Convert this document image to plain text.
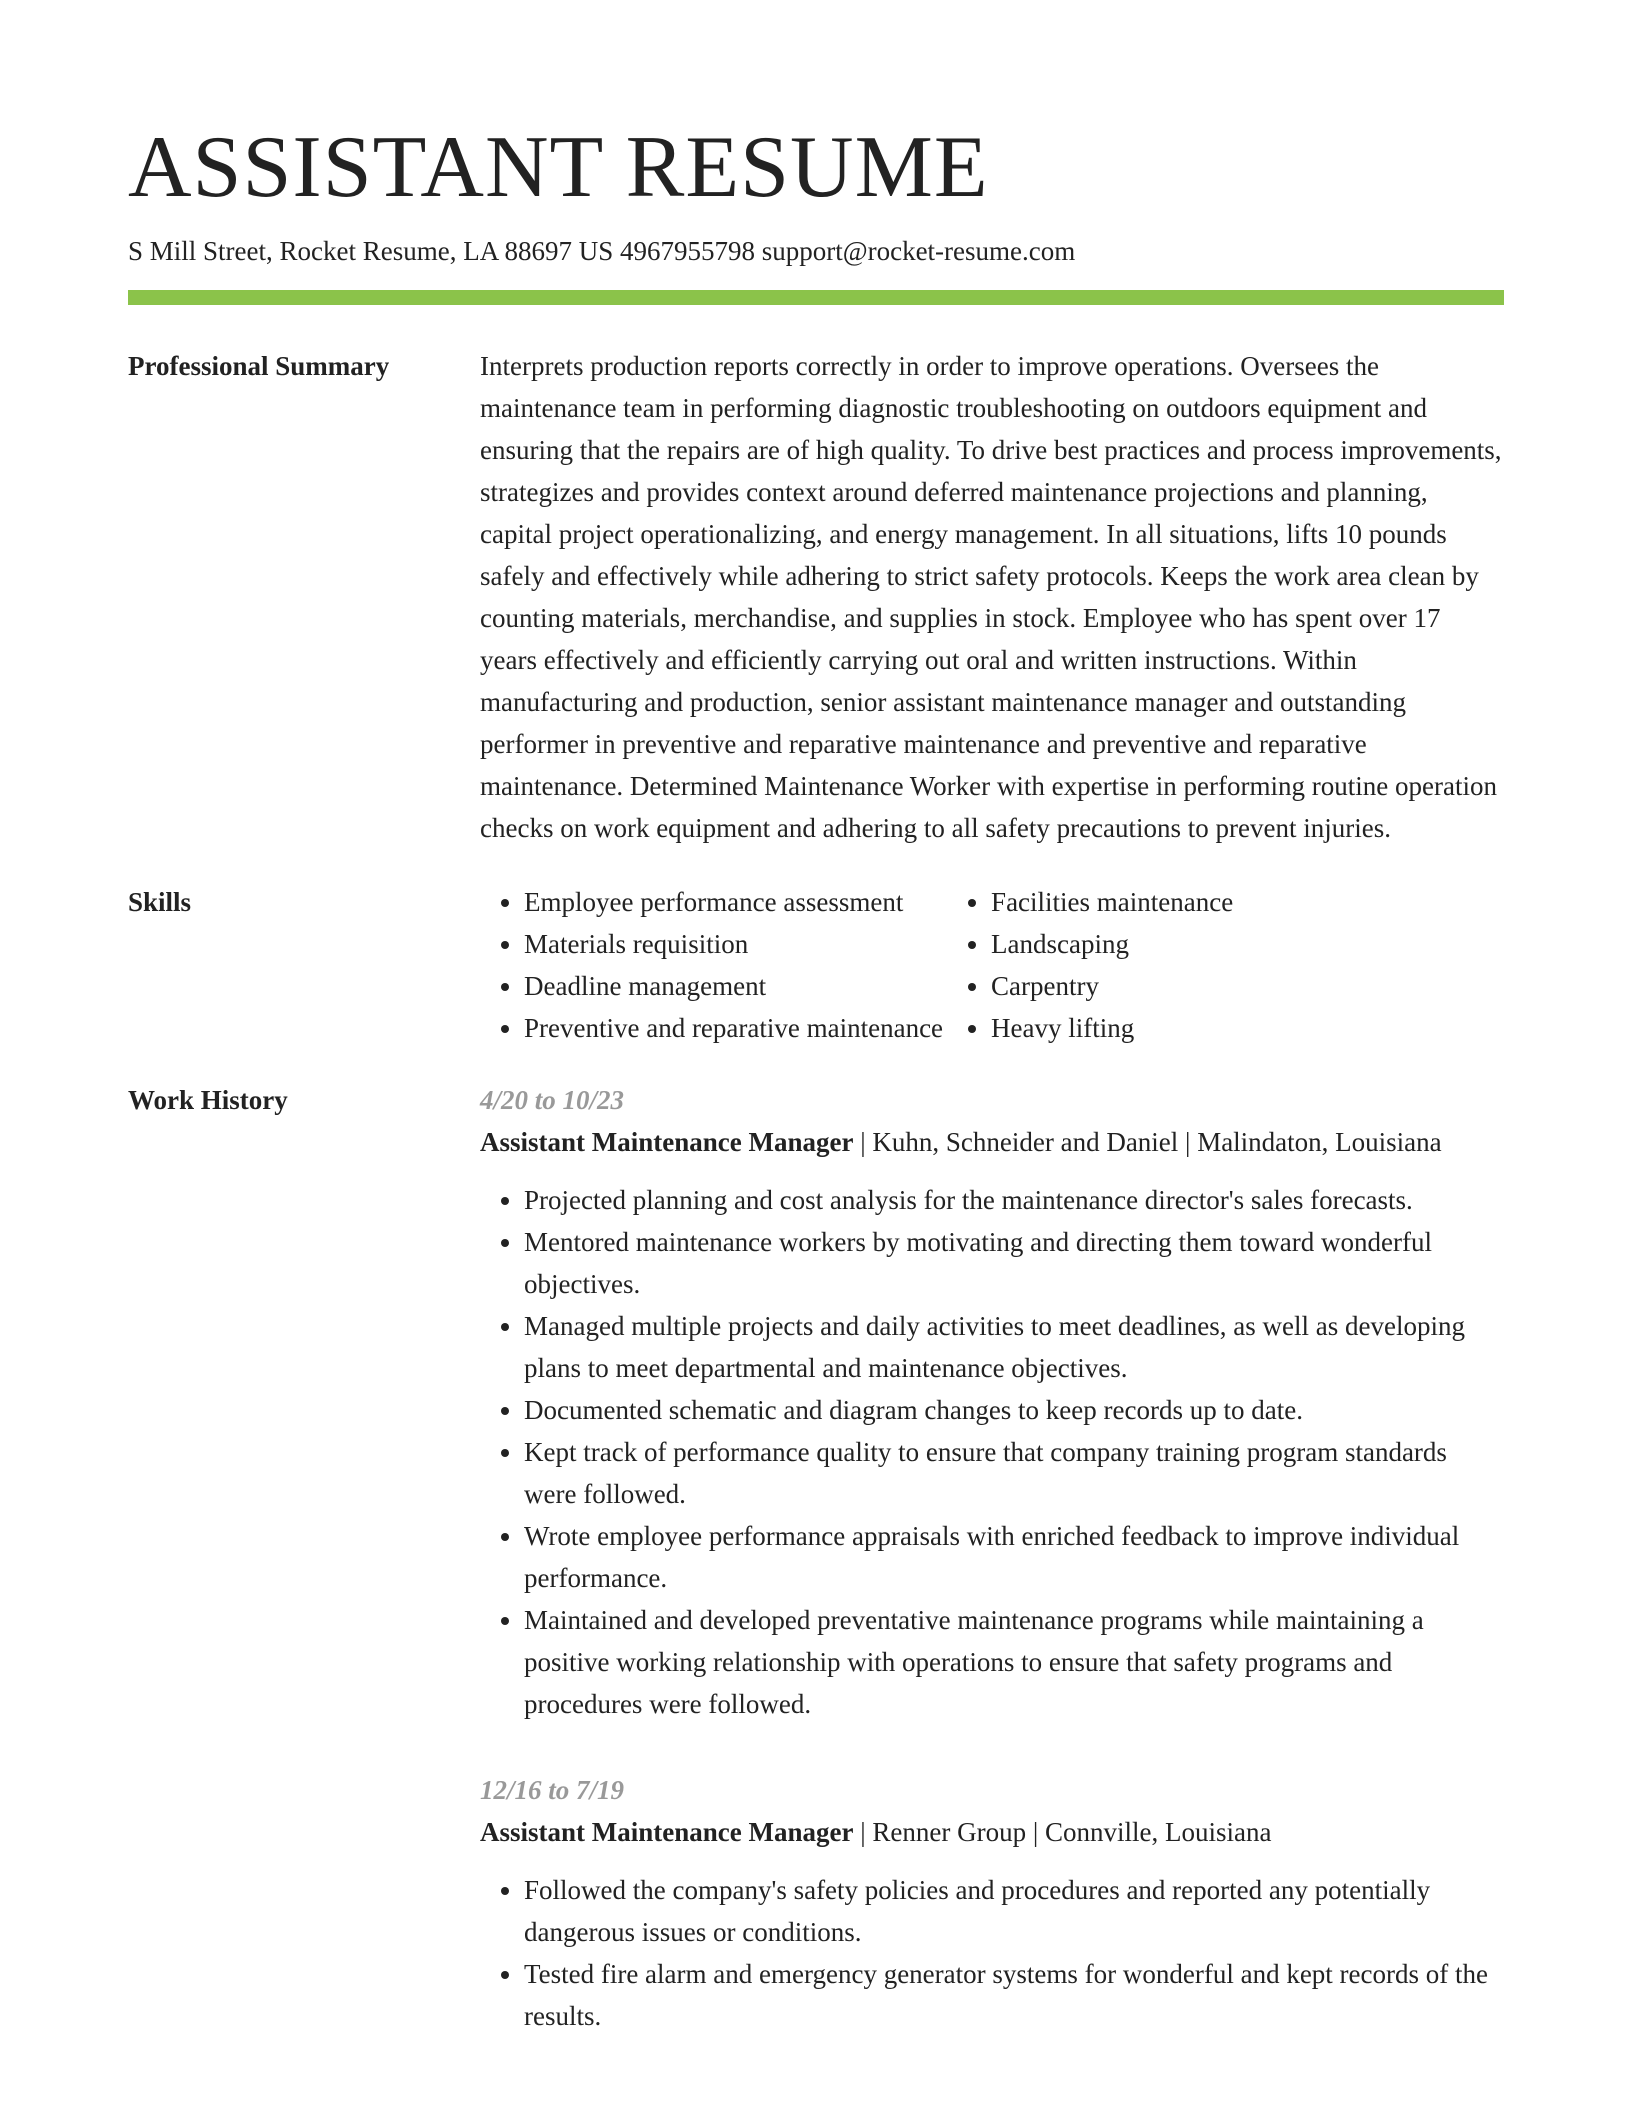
ASSISTANT RESUME
S Mill Street, Rocket Resume, LA 88697 US 4967955798 support@rocket-resume.com
Professional Summary	Interprets production reports correctly in order to improve operations. Oversees the maintenance team in performing diagnostic troubleshooting on outdoors equipment and ensuring that the repairs are of high quality. To drive best practices and process improvements, strategizes and provides context around deferred maintenance projections and planning, capital project operationalizing, and energy management. In all situations, lifts 10 pounds safely and effectively while adhering to strict safety protocols. Keeps the work area clean by counting materials, merchandise, and supplies in stock. Employee who has spent over 17 years effectively and efficiently carrying out oral and written instructions. Within manufacturing and production, senior assistant maintenance manager and outstanding performer in preventive and reparative maintenance and preventive and reparative maintenance. Determined Maintenance Worker with expertise in performing routine operation checks on work equipment and adhering to all safety precautions to prevent injuries.

Skills
•	Employee performance assessment
• Materials requisition
• Deadline management
• Preventive and reparative maintenance
• Facilities maintenance
• Landscaping
• Carpentry
• Heavy lifting
Work History	4/20 to 10/23
Assistant Maintenance Manager | Kuhn, Schneider and Daniel | Malindaton, Louisiana
• Projected planning and cost analysis for the maintenance director's sales forecasts.
• Mentored maintenance workers by motivating and directing them toward wonderful objectives.
• Managed multiple projects and daily activities to meet deadlines, as well as developing plans to meet departmental and maintenance objectives.
• Documented schematic and diagram changes to keep records up to date.
• Kept track of performance quality to ensure that company training program standards were followed.
• Wrote employee performance appraisals with enriched feedback to improve individual performance.
• Maintained and developed preventative maintenance programs while maintaining a positive working relationship with operations to ensure that safety programs and procedures were followed.
12/16 to 7/19
Assistant Maintenance Manager | Renner Group | Connville, Louisiana
• Followed the company's safety policies and procedures and reported any potentially dangerous issues or conditions.
• Tested fire alarm and emergency generator systems for wonderful and kept records of the results.
